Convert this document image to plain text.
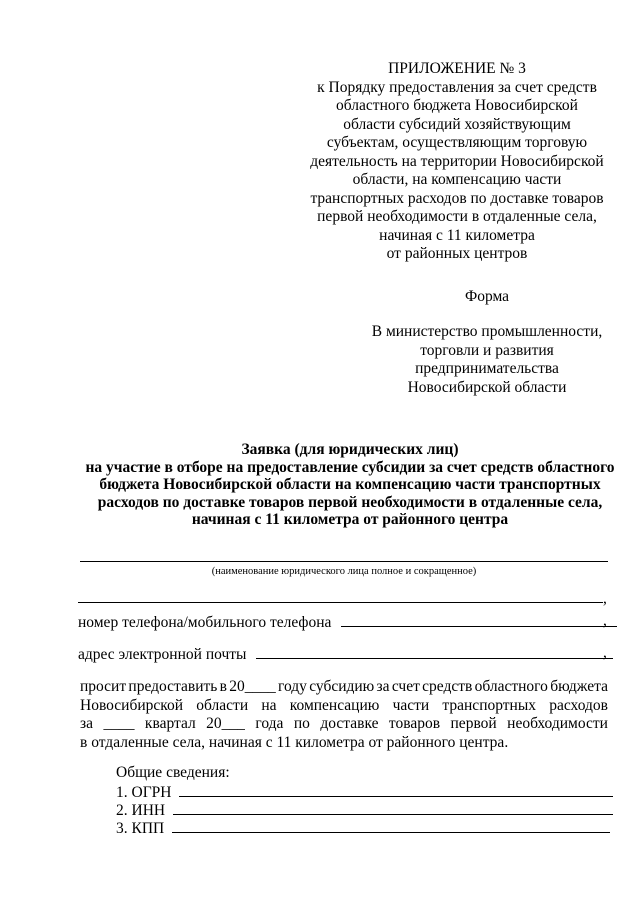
ПРИЛОЖЕНИЕ № 3
к Порядку предоставления за счет средств
областного бюджета Новосибирской
области субсидий хозяйствующим
субъектам, осуществляющим торговую
деятельность на территории Новосибирской
области, на компенсацию части
транспортных расходов по доставке товаров
первой необходимости в отдаленные села,
начиная с 11 километра
от районных центров
Форма
В министерство промышленности,
торговли и развития
предпринимательства
Новосибирской области
Заявка (для юридических лиц)
на участие в отборе на предоставление субсидии за счет средств областного
бюджета Новосибирской области на компенсацию части транспортных
расходов по доставке товаров первой необходимости в отдаленные села,
начиная с 11 километра от районного центра
(наименование юридического лица полное и сокращенное)
,
номер телефона/мобильного телефона	,
адрес электронной почты	,
просит предоставить в 20____ году субсидию за счет средств областного бюджета
Новосибирской области на компенсацию части транспортных расходов
за ____ квартал 20___ года по доставке товаров первой необходимости
в отдаленные села, начиная с 11 километра от районного центра.
Общие сведения:
1. ОГРН
2. ИНН
3. КПП
